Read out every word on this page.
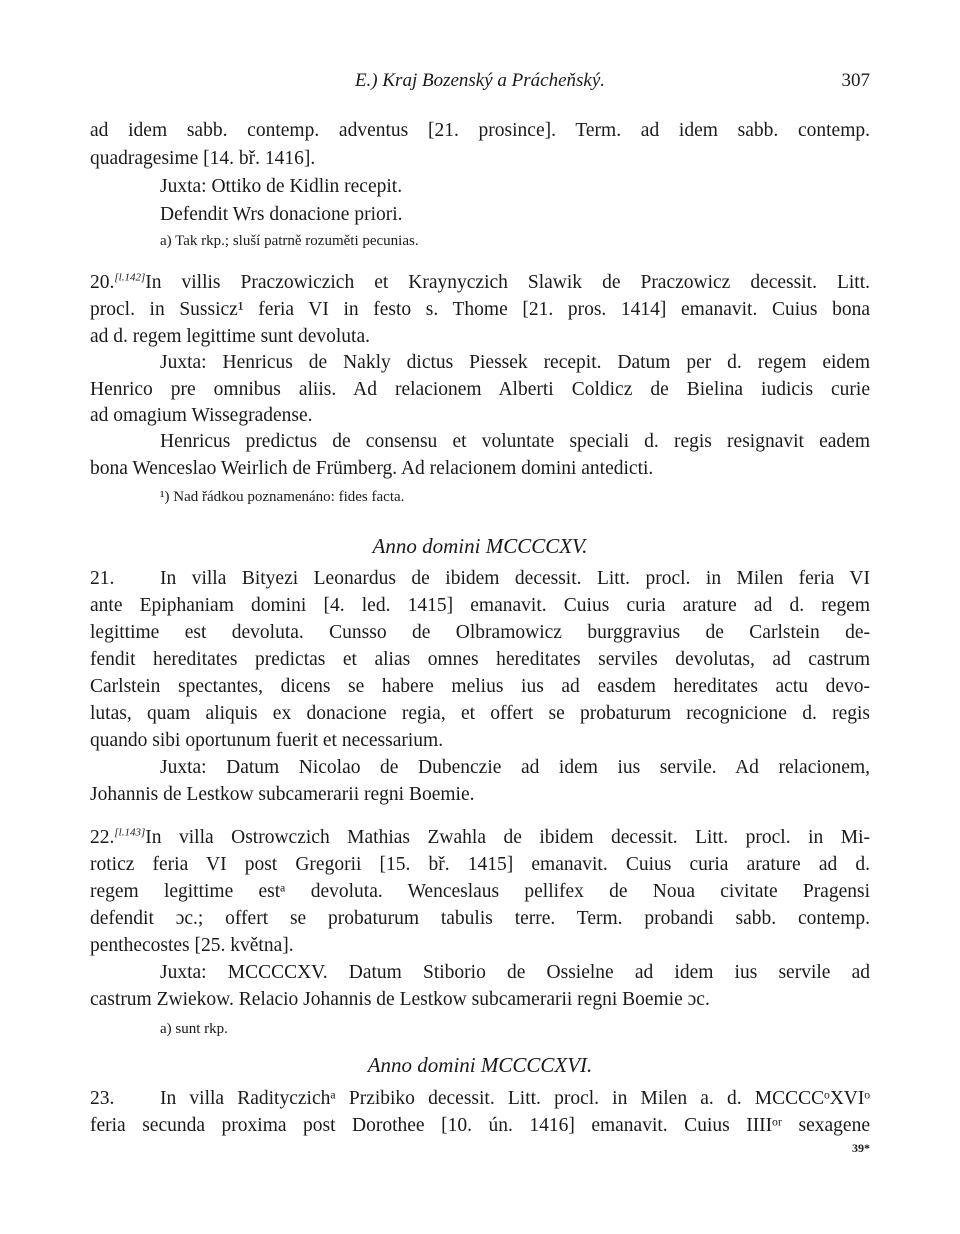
E.) Kraj Bozenský a Prácheňský.	307
ad idem sabb. contemp. adventus [21. prosince]. Term. ad idem sabb. contemp.
quadragesime [14. bř. 1416].
Juxta: Ottiko de Kidlin recepit.
Defendit Wrs donacione priori.
a) Tak rkp.; sluší patrně rozuměti pecunias.
20.[l.142]In villis Praczowiczich et Kraynyczich Slawik de Praczowicz decessit. Litt.
procl. in Sussicz¹ feria VI in festo s. Thome [21. pros. 1414] emanavit. Cuius bona
ad d. regem legittime sunt devoluta.
Juxta: Henricus de Nakly dictus Piessek recepit. Datum per d. regem eidem
Henrico pre omnibus aliis. Ad relacionem Alberti Coldicz de Bielina iudicis curie
ad omagium Wissegradense.
Henricus predictus de consensu et voluntate speciali d. regis resignavit eadem
bona Wenceslao Weirlich de Frümberg. Ad relacionem domini antedicti.
¹) Nad řádkou poznamenáno: fides facta.
Anno domini MCCCCXV.
21. In villa Bityezi Leonardus de ibidem decessit. Litt. procl. in Milen feria VI
ante Epiphaniam domini [4. led. 1415] emanavit. Cuius curia arature ad d. regem
legittime est devoluta. Cunsso de Olbramowicz burggravius de Carlstein de-
fendit hereditates predictas et alias omnes hereditates serviles devolutas, ad castrum
Carlstein spectantes, dicens se habere melius ius ad easdem hereditates actu devo-
lutas, quam aliquis ex donacione regia, et offert se probaturum recognicione d. regis
quando sibi oportunum fuerit et necessarium.
Juxta: Datum Nicolao de Dubenczie ad idem ius servile. Ad relacionem,
Johannis de Lestkow subcamerarii regni Boemie.
22.[l.143]In villa Ostrowczich Mathias Zwahla de ibidem decessit. Litt. procl. in Mi-
roticz feria VI post Gregorii [15. bř. 1415] emanavit. Cuius curia arature ad d.
regem legittime estᵃ devoluta. Wenceslaus pellifex de Noua civitate Pragensi
defendit ɔc.; offert se probaturum tabulis terre. Term. probandi sabb. contemp.
penthecostes [25. května].
Juxta: MCCCCXV. Datum Stiborio de Ossielne ad idem ius servile ad
castrum Zwiekow. Relacio Johannis de Lestkow subcamerarii regni Boemie ɔc.
a) sunt rkp.
Anno domini MCCCCXVI.
23. In villa Radityczichᵃ Przibiko decessit. Litt. procl. in Milen a. d. MCCCCᵒXVIᵒ
feria secunda proxima post Dorothee [10. ún. 1416] emanavit. Cuius IIIIᵒʳ sexagene
39*
